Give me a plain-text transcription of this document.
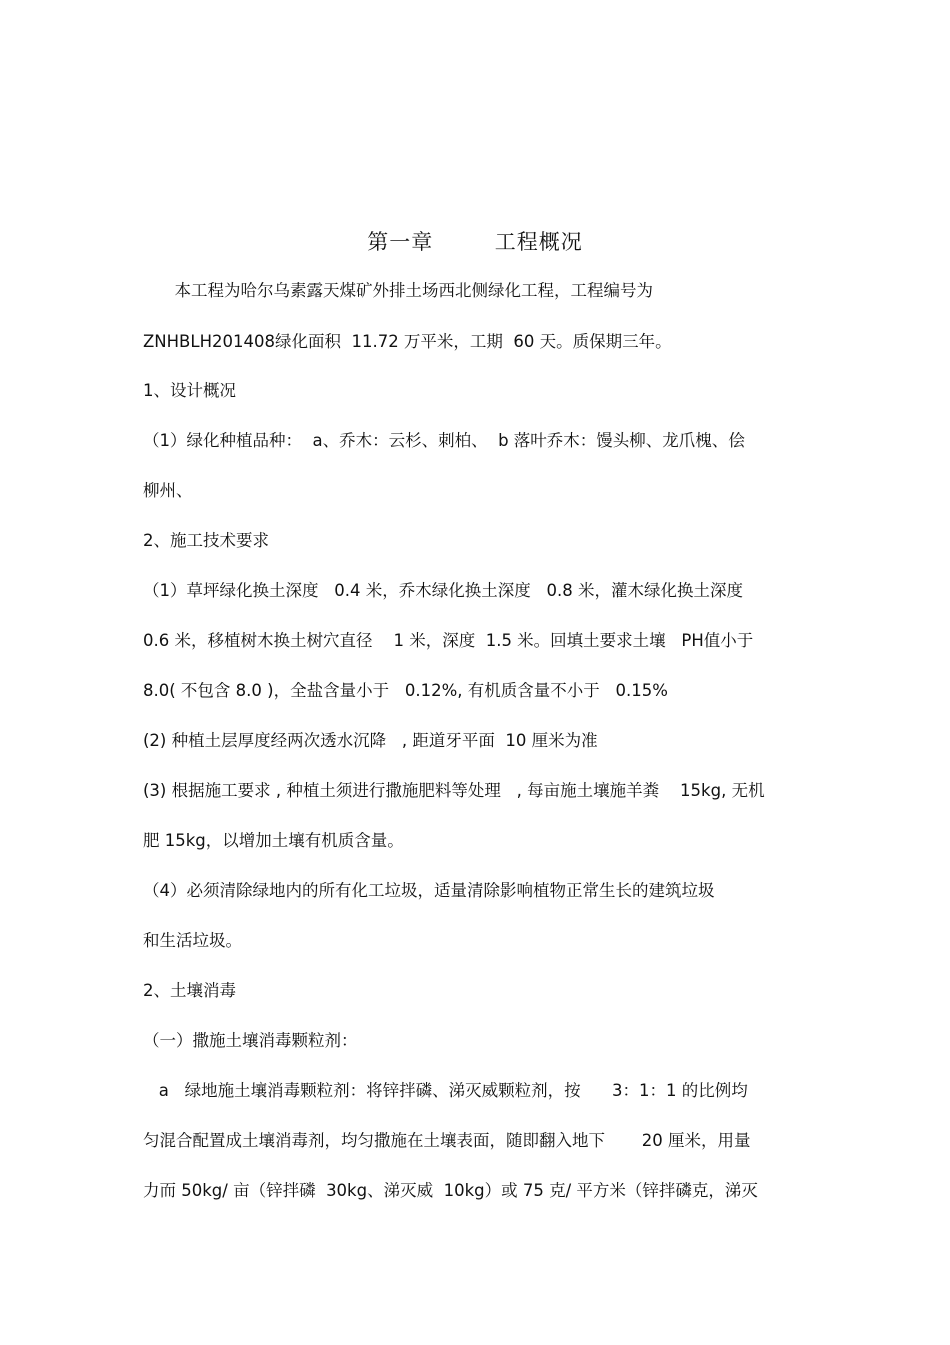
第一章        工程概况
本工程为哈尔乌素露天煤矿外排土场西北侧绿化工程，工程编号为
ZNHBLH201408绿化面积  11.72 万平米，工期  60 天。质保期三年。
1、设计概况
（1）绿化种植品种：  a、乔木：云杉、刺柏、  b 落叶乔木：馒头柳、龙爪槐、侩
柳州、
2、施工技术要求
（1）草坪绿化换土深度   0.4 米，乔木绿化换土深度   0.8 米，灌木绿化换土深度
0.6 米，移植树木换土树穴直径    1 米，深度  1.5 米。回填土要求土壤   PH值小于
8.0( 不包含 8.0 )，全盐含量小于   0.12%, 有机质含量不小于   0.15%
(2) 种植土层厚度经两次透水沉降   , 距道牙平面  10 厘米为准
(3) 根据施工要求 , 种植土须进行撒施肥料等处理   , 每亩施土壤施羊粪    15kg, 无机
肥 15kg，以增加土壤有机质含量。
（4）必须清除绿地内的所有化工垃圾，适量清除影响植物正常生长的建筑垃圾
和生活垃圾。
2、土壤消毒
（一）撒施土壤消毒颗粒剂：
a   绿地施土壤消毒颗粒剂：将锌拌磷、涕灭威颗粒剂，按      3：1：1 的比例均
匀混合配置成土壤消毒剂，均匀撒施在土壤表面，随即翻入地下       20 厘米，用量
力而 50kg/ 亩（锌拌磷  30kg、涕灭威  10kg）或 75 克/ 平方米（锌拌磷克，涕灭
